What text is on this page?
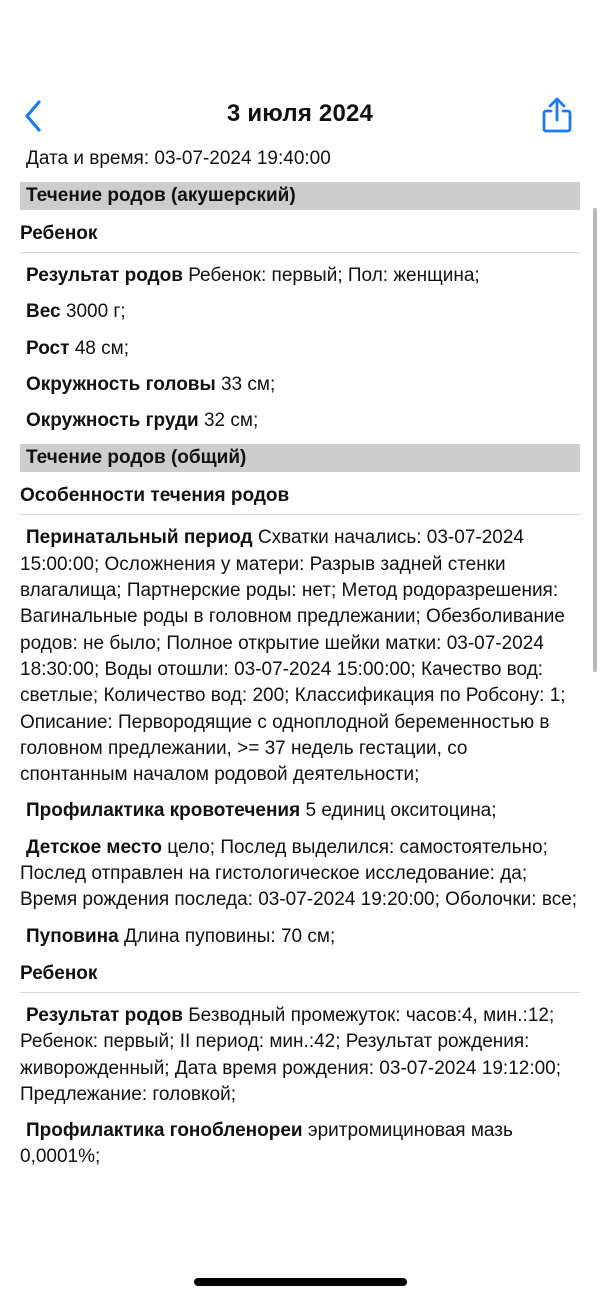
3 июля 2024
Дата и время: 03-07-2024 19:40:00
Течение родов (акушерский)
Ребенок
Результат родов Ребенок: первый; Пол: женщина;
Вес 3000 г;
Рост 48 см;
Окружность головы 33 см;
Окружность груди 32 см;
Течение родов (общий)
Особенности течения родов
Перинатальный период Схватки начались: 03-07-2024 15:00:00; Осложнения у матери: Разрыв задней стенки влагалища; Партнерские роды: нет; Метод родоразрешения: Вагинальные роды в головном предлежании; Обезболивание родов: не было; Полное открытие шейки матки: 03-07-2024 18:30:00; Воды отошли: 03-07-2024 15:00:00; Качество вод: светлые; Количество вод: 200; Классификация по Робсону: 1; Описание: Первородящие с одноплодной беременностью в головном предлежании, >= 37 недель гестации, со спонтанным началом родовой деятельности;
Профилактика кровотечения 5 единиц окситоцина;
Детское место цело; Послед выделился: самостоятельно; Послед отправлен на гистологическое исследование: да; Время рождения последа: 03-07-2024 19:20:00; Оболочки: все;
Пуповина Длина пуповины: 70 см;
Ребенок
Результат родов Безводный промежуток: часов:4, мин.:12; Ребенок: первый; II период: мин.:42; Результат рождения: живорожденный; Дата время рождения: 03-07-2024 19:12:00; Предлежание: головкой;
Профилактика гонобленореи эритромициновая мазь 0,0001%;
